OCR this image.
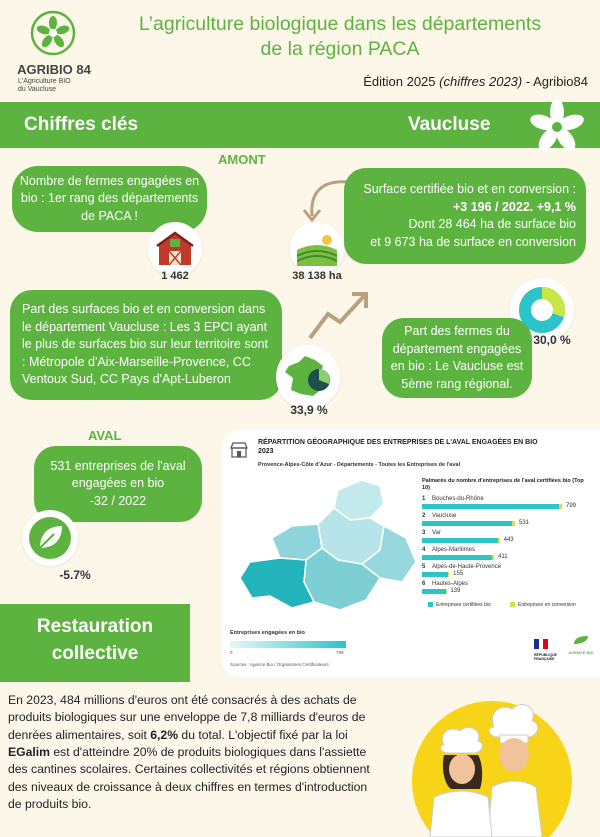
AGRIBIO 84
L'Agriculture BIO
du Vaucluse
L’agriculture biologique dans les départements
de la région PACA
Édition 2025 (chiffres 2023) - Agribio84
Chiffres clés	Vaucluse
AMONT
Nombre de fermes engagées en bio : 1er rang des départements de PACA !
1 462	38 138 ha
Surface certifiée bio et en conversion :
+3 196 / 2022. +9,1 %
Dont 28 464 ha de surface bio
et 9 673 ha de surface en conversion
Part des surfaces bio et en conversion dans le département Vaucluse : Les 3 EPCI ayant le plus de surfaces bio sur leur territoire sont : Métropole d'Aix-Marseille-Provence, CC Ventoux Sud, CC Pays d'Apt-Luberon
33,9 %
30,0 %
Part des fermes du département engagées en bio : Le Vaucluse est 5ème rang régional.
AVAL
531 entreprises de l'aval engagées en bio
-32 / 2022
-5.7%
RÉPARTITION GÉOGRAPHIQUE DES ENTREPRISES DE L'AVAL ENGAGÉES EN BIO
2023
Provence-Alpes-Côte d'Azur - Départements - Toutes les Entreprises de l'aval
Entreprises engagées en bio
0	799
Sources : Agence Bio / Organismes Certificateurs
Palmarès du nombre d'entreprises de l'aval certifiées bio (Top 10)
1 Bouches-du-Rhône
799
2 Vaucluse
531
3 Var
443
4 Alpes-Maritimes
411
5 Alpes-de-Haute-Provence
155
6 Hautes-Alpes
139
Entreprises certifiées bio	Entreprises en conversion
RÉPUBLIQUE FRANÇAISE
AGENCE BIO
Restauration
collective
En 2023, 484 millions d'euros ont été consacrés à des achats de produits biologiques sur une enveloppe de 7,8 milliards d'euros de denrées alimentaires, soit 6,2% du total. L'objectif fixé par la loi EGalim est d'atteindre 20% de produits biologiques dans l'assiette des cantines scolaires. Certaines collectivités et régions obtiennent des niveaux de croissance à deux chiffres en termes d'introduction de produits bio.
